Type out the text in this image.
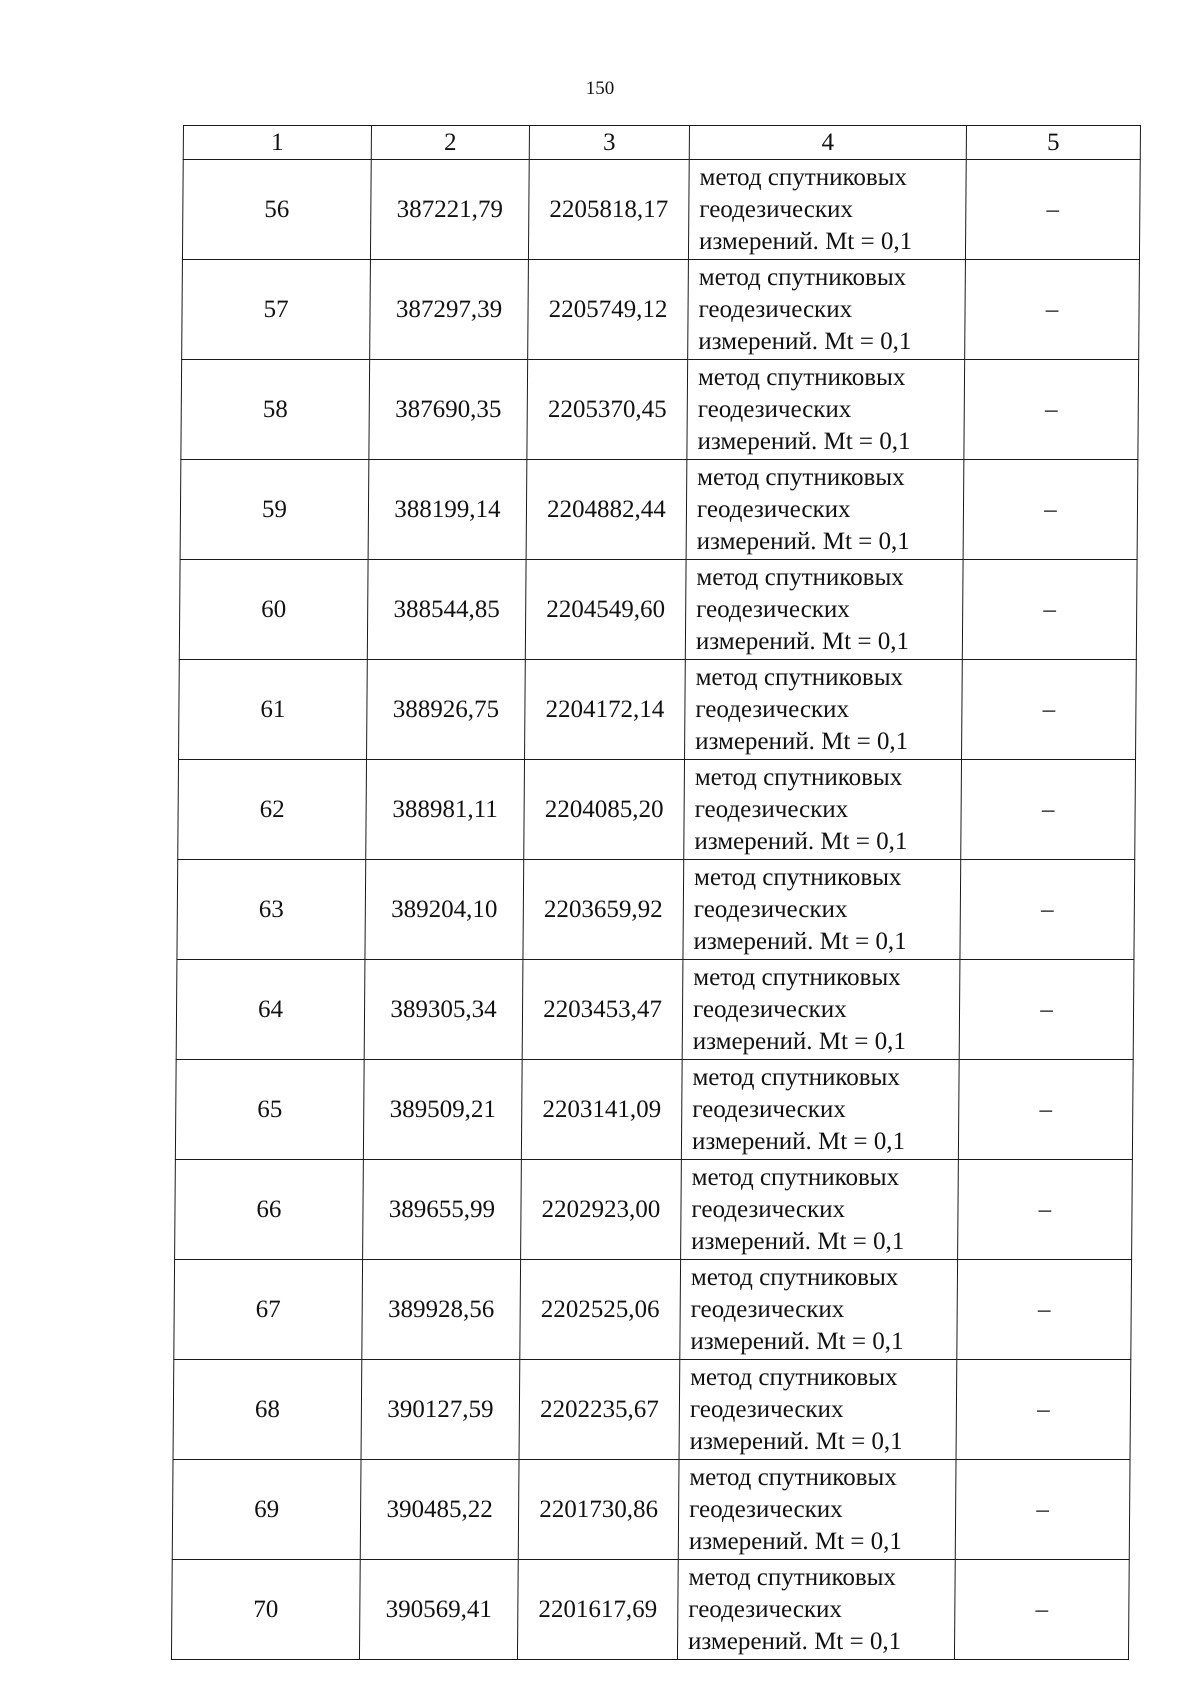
150
1	2	3	4	5
56	387221,79	2205818,17	метод спутниковых
геодезических
измерений. Mt = 0,1	–
57	387297,39	2205749,12	метод спутниковых
геодезических
измерений. Mt = 0,1	–
58	387690,35	2205370,45	метод спутниковых
геодезических
измерений. Mt = 0,1	–
59	388199,14	2204882,44	метод спутниковых
геодезических
измерений. Mt = 0,1	–
60	388544,85	2204549,60	метод спутниковых
геодезических
измерений. Mt = 0,1	–
61	388926,75	2204172,14	метод спутниковых
геодезических
измерений. Mt = 0,1	–
62	388981,11	2204085,20	метод спутниковых
геодезических
измерений. Mt = 0,1	–
63	389204,10	2203659,92	метод спутниковых
геодезических
измерений. Mt = 0,1	–
64	389305,34	2203453,47	метод спутниковых
геодезических
измерений. Mt = 0,1	–
65	389509,21	2203141,09	метод спутниковых
геодезических
измерений. Mt = 0,1	–
66	389655,99	2202923,00	метод спутниковых
геодезических
измерений. Mt = 0,1	–
67	389928,56	2202525,06	метод спутниковых
геодезических
измерений. Mt = 0,1	–
68	390127,59	2202235,67	метод спутниковых
геодезических
измерений. Mt = 0,1	–
69	390485,22	2201730,86	метод спутниковых
геодезических
измерений. Mt = 0,1	–
70	390569,41	2201617,69	метод спутниковых
геодезических
измерений. Mt = 0,1	–
